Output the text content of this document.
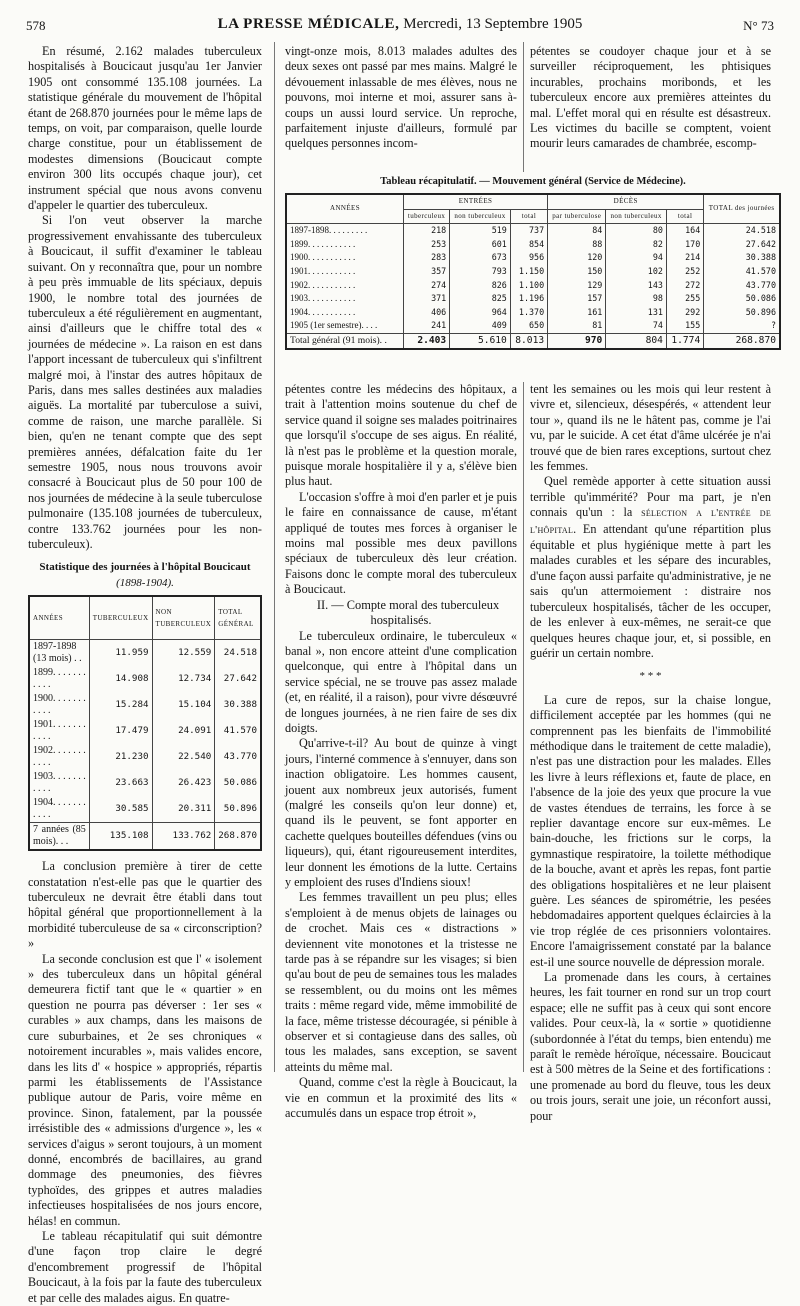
578	LA PRESSE MÉDICALE, Mercredi, 13 Septembre 1905	N° 73

En résumé, 2.162 malades tuberculeux hospitalisés à Boucicaut jusqu'au 1er Janvier 1905 ont consommé 135.108 journées. La statistique générale du mouvement de l'hôpital étant de 268.870 journées pour le même laps de temps, on voit, par comparaison, quelle lourde charge constitue, pour un établissement de modestes dimensions (Boucicaut compte environ 300 lits occupés chaque jour), cet instrument spécial que nous avons convenu d'appeler le quartier des tuberculeux.

Si l'on veut observer la marche progressivement envahissante des tuberculeux à Boucicaut, il suffit d'examiner le tableau suivant. On y reconnaîtra que, pour un nombre à peu près immuable de lits spéciaux, depuis 1900, le nombre total des journées de tuberculeux a été régulièrement en augmentant, ainsi d'ailleurs que le chiffre total des « journées de médecine ». La raison en est dans l'apport incessant de tuberculeux qui s'infiltrent malgré moi, à l'instar des autres hôpitaux de Paris, dans mes salles destinées aux maladies aiguës. La mortalité par tuberculose a suivi, comme de raison, une marche parallèle. Si bien, qu'en ne tenant compte que des sept premières années, défalcation faite du 1er semestre 1905, nous nous trouvons avoir consacré à Boucicaut plus de 50 pour 100 de nos journées de médecine à la seule tuberculose pulmonaire (135.108 journées de tuberculeux, contre 133.762 journées pour les non-tuberculeux).

Statistique des journées à l'hôpital Boucicaut
(1898-1904).
ANNÉES	TUBERCULEUX	NON TUBERCULEUX	TOTAL GÉNÉRAL
1897-1898 (13 mois) . .	11.959	12.559	24.518
1899. . . . . . . . . . .	14.908	12.734	27.642
1900. . . . . . . . . . .	15.284	15.104	30.388
1901. . . . . . . . . . .	17.479	24.091	41.570
1902. . . . . . . . . . .	21.230	22.540	43.770
1903. . . . . . . . . . .	23.663	26.423	50.086
1904. . . . . . . . . . .	30.585	20.311	50.896
7 années (85 mois). . .	135.108	133.762	268.870

La conclusion première à tirer de cette constatation n'est-elle pas que le quartier des tuberculeux ne devrait être établi dans tout hôpital général que proportionnellement à la morbidité tuberculeuse de sa « circonscription? »

La seconde conclusion est que l' « isolement » des tuberculeux dans un hôpital général demeurera fictif tant que le « quartier » en question ne pourra pas déverser : 1er ses « curables » aux champs, dans les maisons de cure suburbaines, et 2e ses chroniques « notoirement incurables », mais valides encore, dans les lits d' « hospice » appropriés, répartis parmi les établissements de l'Assistance publique autour de Paris, voire même en province. Sinon, fatalement, par la poussée irrésistible des « admissions d'urgence », les « services d'aigus » seront toujours, à un moment donné, encombrés de bacillaires, au grand dommage des pneumonies, des fièvres typhoïdes, des grippes et autres maladies infectieuses hospitalisées de nos jours encore, hélas! en commun.

Le tableau récapitulatif qui suit démontre d'une façon trop claire le degré d'encombrement progressif de l'hôpital Boucicaut, à la fois par la faute des tuberculeux et par celle des malades aigus. En quatre-

vingt-onze mois, 8.013 malades adultes des deux sexes ont passé par mes mains. Malgré le dévouement inlassable de mes élèves, nous ne pouvons, moi interne et moi, assurer sans à-coups un aussi lourd service. Un reproche, parfaitement injuste d'ailleurs, formulé par quelques personnes incom-

pétentes se coudoyer chaque jour et à se surveiller réciproquement, les phtisiques incurables, prochains moribonds, et les tuberculeux encore aux premières atteintes du mal. L'effet moral qui en résulte est désastreux. Les victimes du bacille se comptent, voient mourir leurs camarades de chambrée, escomp-

Tableau récapitulatif. — Mouvement général (Service de Médecine).
ANNÉES	ENTRÉES			DÉCÈS			TOTAL des journées
	tuberculeux	non tuberculeux	total	par tuberculose	non tuberculeux	total	
1897-1898. . . . . . . . .	218	519	737	84	80	164	24.518
1899. . . . . . . . . . .	253	601	854	88	82	170	27.642
1900. . . . . . . . . . .	283	673	956	120	94	214	30.388
1901. . . . . . . . . . .	357	793	1.150	150	102	252	41.570
1902. . . . . . . . . . .	274	826	1.100	129	143	272	43.770
1903. . . . . . . . . . .	371	825	1.196	157	98	255	50.086
1904. . . . . . . . . . .	406	964	1.370	161	131	292	50.896
1905 (1er semestre). . . .	241	409	650	81	74	155	?
Total général (91 mois). .	2.403	5.610	8.013	970	804	1.774	268.870

pétentes contre les médecins des hôpitaux, a trait à l'attention moins soutenue du chef de service quand il soigne ses malades poitrinaires que lorsqu'il s'occupe de ses aigus. En réalité, là n'est pas le problème et la question morale, puisque morale hospitalière il y a, s'élève bien plus haut.

L'occasion s'offre à moi d'en parler et je puis le faire en connaissance de cause, m'étant appliqué de toutes mes forces à organiser le moins mal possible mes deux pavillons spéciaux de tuberculeux dès leur création. Faisons donc le compte moral des tuberculeux à Boucicaut.

II. — Compte moral des tuberculeux hospitalisés.

Le tuberculeux ordinaire, le tuberculeux « banal », non encore atteint d'une complication quelconque, qui entre à l'hôpital dans un service spécial, ne se trouve pas assez malade (et, en réalité, il a raison), pour vivre désœuvré de longues journées, à ne rien faire de ses dix doigts.

Qu'arrive-t-il? Au bout de quinze à vingt jours, l'interné commence à s'ennuyer, dans son inaction obligatoire. Les hommes causent, jouent aux nombreux jeux autorisés, fument (malgré les conseils qu'on leur donne) et, quand ils le peuvent, se font apporter en cachette quelques bouteilles défendues (vins ou liqueurs), qui, étant rigoureusement interdites, leur donnent les émotions de la lutte. Certains y emploient des ruses d'Indiens sioux!

Les femmes travaillent un peu plus; elles s'emploient à de menus objets de lainages ou de crochet. Mais ces « distractions » deviennent vite monotones et la tristesse ne tarde pas à se répandre sur les visages; si bien qu'au bout de peu de semaines tous les malades se ressemblent, ou du moins ont les mêmes traits : même regard vide, même immobilité de la face, même tristesse découragée, si pénible à observer et si contagieuse dans des salles, où tous les malades, sans exception, se savent atteints du même mal.

Quand, comme c'est la règle à Boucicaut, la vie en commun et la proximité des lits « accumulés dans un espace trop étroit »,

tent les semaines ou les mois qui leur restent à vivre et, silencieux, désespérés, « attendent leur tour », quand ils ne le hâtent pas, comme je l'ai vu, par le suicide. A cet état d'âme ulcérée je n'ai trouvé que de bien rares exceptions, surtout chez les femmes.

Quel remède apporter à cette situation aussi terrible qu'immérité? Pour ma part, je n'en connais qu'un : la sélection a l'entrée de l'hôpital. En attendant qu'une répartition plus équitable et plus hygiénique mette à part les malades curables et les sépare des incurables, d'une façon aussi parfaite qu'administrative, je ne sais qu'un attermoiement : distraire nos tuberculeux hospitalisés, tâcher de les occuper, de les enlever à eux-mêmes, ne serait-ce que quelques heures chaque jour, et, si possible, en guérir un certain nombre.

* * *

La cure de repos, sur la chaise longue, difficilement acceptée par les hommes (qui ne comprennent pas les bienfaits de l'immobilité méthodique dans le traitement de cette maladie), n'est pas une distraction pour les malades. Elles les livre à leurs réflexions et, faute de place, en l'absence de la joie des yeux que procure la vue de vastes étendues de terrains, les force à se replier davantage encore sur eux-mêmes. Le bain-douche, les frictions sur le corps, la gymnastique respiratoire, la toilette méthodique de la bouche, avant et après les repas, font partie des obligations hospitalières et ne leur plaisent guère. Les séances de spirométrie, les pesées hebdomadaires apportent quelques éclaircies à la vie trop réglée de ces prisonniers volontaires. Encore l'amaigrissement constaté par la balance est-il une source nouvelle de dépression morale.

La promenade dans les cours, à certaines heures, les fait tourner en rond sur un trop court espace; elle ne suffit pas à ceux qui sont encore valides. Pour ceux-là, la « sortie » quotidienne (subordonnée à l'état du temps, bien entendu) me paraît le remède héroïque, nécessaire. Boucicaut est à 500 mètres de la Seine et des fortifications : une promenade au bord du fleuve, tous les deux ou trois jours, serait une joie, un réconfort aussi, pour
